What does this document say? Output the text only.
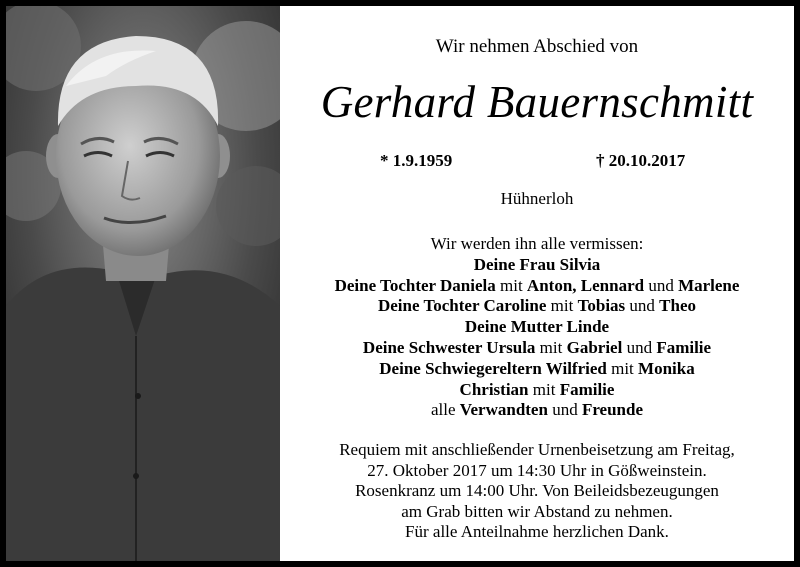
Wir nehmen Abschied von
Gerhard Bauernschmitt
* 1.9.1959	† 20.10.2017
Hühnerloh
Wir werden ihn alle vermissen:
Deine Frau Silvia
Deine Tochter Daniela mit Anton, Lennard und Marlene
Deine Tochter Caroline mit Tobias und Theo
Deine Mutter Linde
Deine Schwester Ursula mit Gabriel und Familie
Deine Schwiegereltern Wilfried mit Monika
Christian mit Familie
alle Verwandten und Freunde
Requiem mit anschließender Urnenbeisetzung am Freitag,
27. Oktober 2017 um 14:30 Uhr in Gößweinstein.
Rosenkranz um 14:00 Uhr. Von Beileidsbezeugungen
am Grab bitten wir Abstand zu nehmen.
Für alle Anteilnahme herzlichen Dank.
